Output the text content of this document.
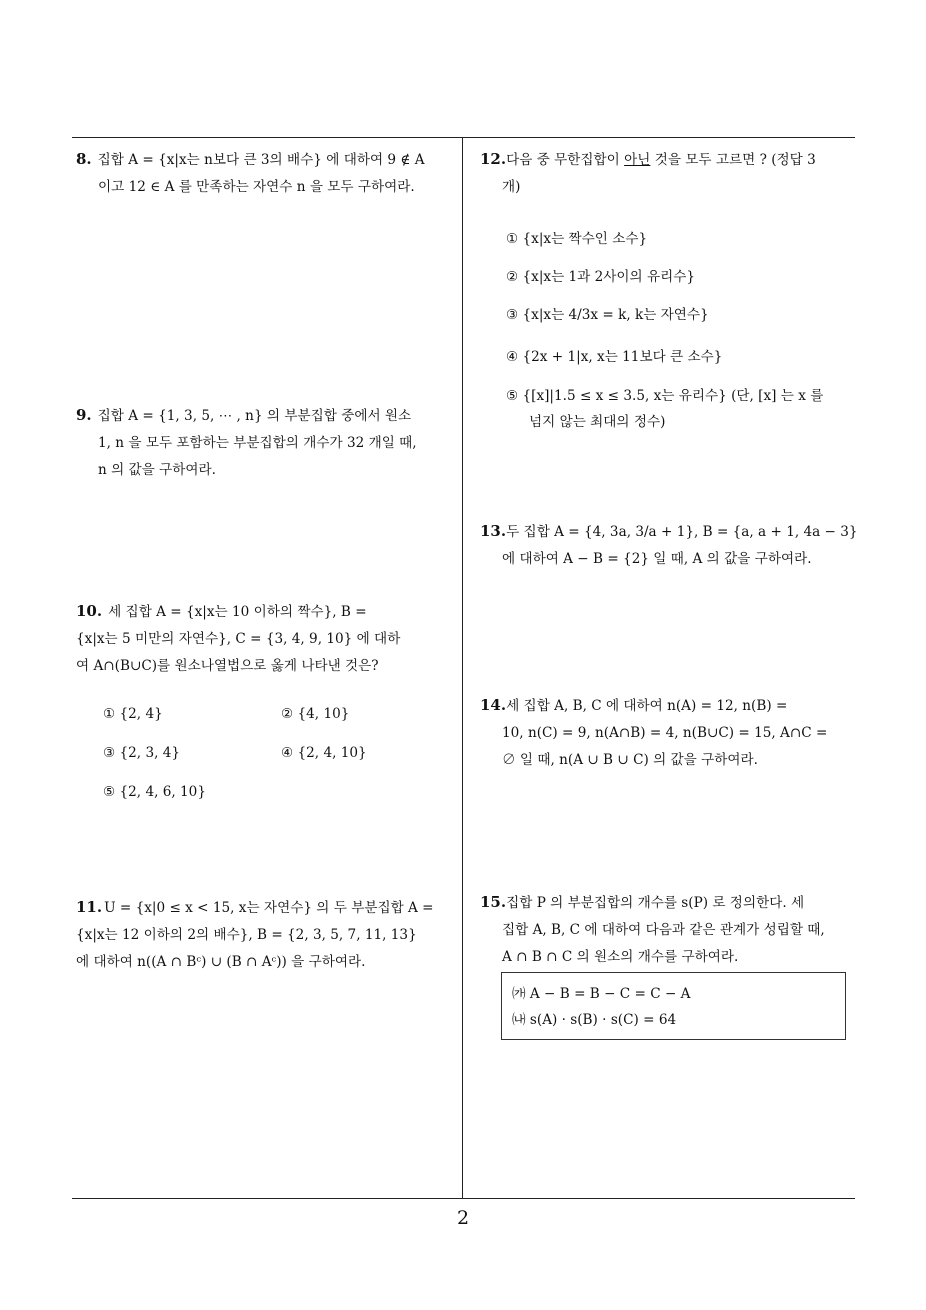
8. 집합 A = {x|x는 n보다 큰 3의 배수} 에 대하여 9 ∉ A
이고 12 ∈ A 를 만족하는 자연수 n 을 모두 구하여라.
9. 집합 A = {1, 3, 5, ⋯ , n} 의 부분집합 중에서 원소
1, n 을 모두 포함하는 부분집합의 개수가 32 개일 때,
n 의 값을 구하여라.
10. 세 집합 A = {x|x는 10 이하의 짝수}, B =
{x|x는 5 미만의 자연수}, C = {3, 4, 9, 10} 에 대하
여 A∩(B∪C)를 원소나열법으로 옳게 나타낸 것은?
① {2, 4}	② {4, 10}
③ {2, 3, 4}	④ {2, 4, 10}
⑤ {2, 4, 6, 10}
11. U = {x|0 ≤ x < 15, x는 자연수} 의 두 부분집합 A =
{x|x는 12 이하의 2의 배수}, B = {2, 3, 5, 7, 11, 13}
에 대하여 n((A ∩ Bᶜ) ∪ (B ∩ Aᶜ)) 을 구하여라.
12.다음 중 무한집합이 아닌 것을 모두 고르면 ? (정답 3
개)
① {x|x는 짝수인 소수}
② {x|x는 1과 2사이의 유리수}
③ {x|x는 4/3x = k, k는 자연수}
④ {2x + 1|x, x는 11보다 큰 소수}
⑤ {[x]|1.5 ≤ x ≤ 3.5, x는 유리수} (단, [x] 는 x 를
넘지 않는 최대의 정수)
13.두 집합 A = {4, 3a, 3/a + 1}, B = {a, a + 1, 4a − 3}
에 대하여 A − B = {2} 일 때, A 의 값을 구하여라.
14.세 집합 A, B, C 에 대하여 n(A) = 12, n(B) =
10, n(C) = 9, n(A∩B) = 4, n(B∪C) = 15, A∩C =
∅ 일 때, n(A ∪ B ∪ C) 의 값을 구하여라.
15.집합 P 의 부분집합의 개수를 s(P) 로 정의한다. 세
집합 A, B, C 에 대하여 다음과 같은 관계가 성립할 때,
A ∩ B ∩ C 의 원소의 개수를 구하여라.
㈎ A − B = B − C = C − A
㈏ s(A) · s(B) · s(C) = 64
2
